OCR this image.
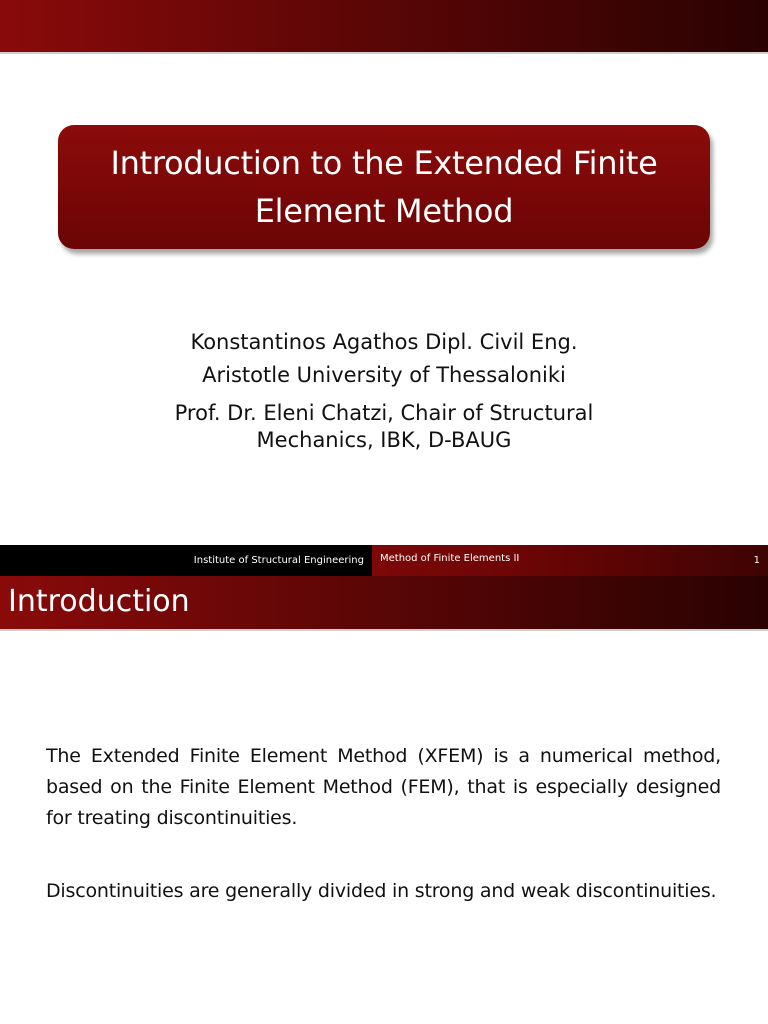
Introduction to the Extended Finite Element Method
Konstantinos Agathos Dipl. Civil Eng.
Aristotle University of Thessaloniki
Prof. Dr. Eleni Chatzi, Chair of Structural Mechanics, IBK, D-BAUG
Institute of Structural Engineering	Method of Finite Elements II	1
Introduction
The Extended Finite Element Method (XFEM) is a numerical method, based on the Finite Element Method (FEM), that is especially designed for treating discontinuities.
Discontinuities are generally divided in strong and weak discontinuities.
